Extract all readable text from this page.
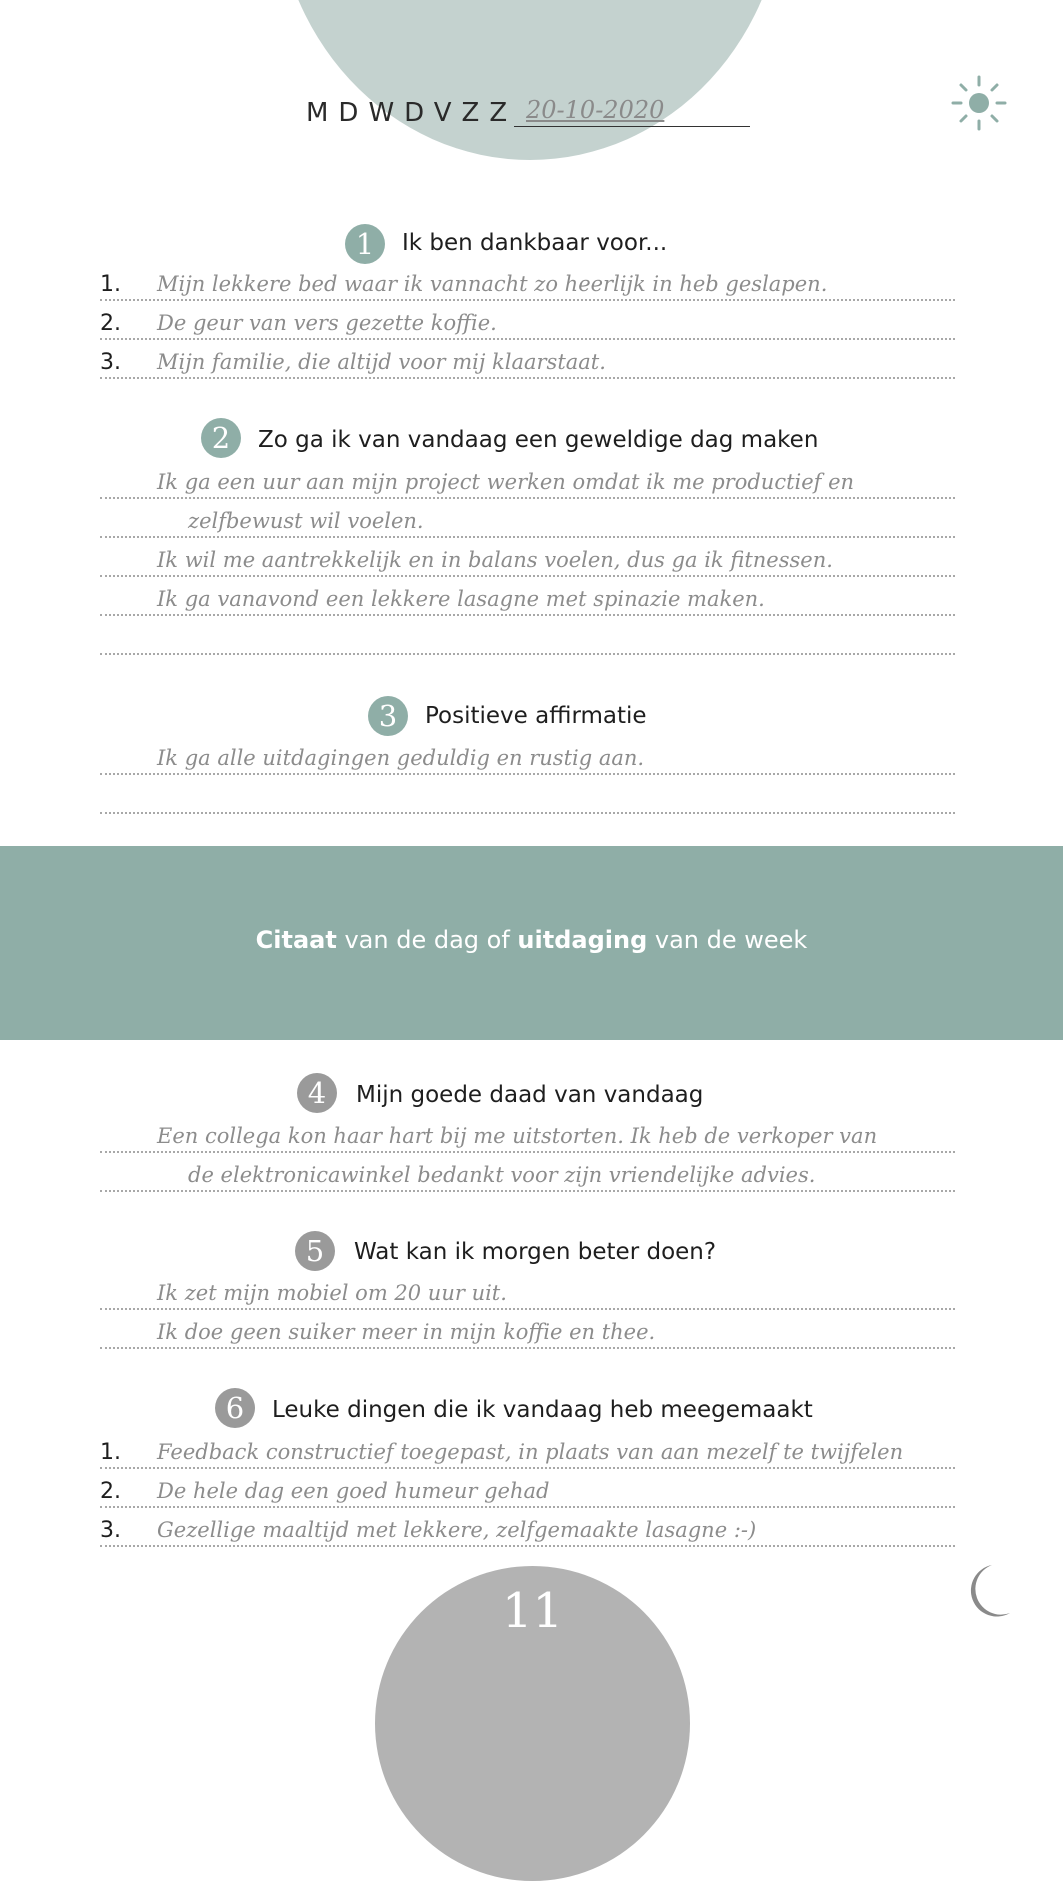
11
MDWDVZZ 20-10-2020
1	Ik ben dankbaar voor...
1. Mijn lekkere bed waar ik vannacht zo heerlijk in heb geslapen.
2. De geur van vers gezette koffie.
3. Mijn familie, die altijd voor mij klaarstaat.
2	Zo ga ik van vandaag een geweldige dag maken
Ik ga een uur aan mijn project werken omdat ik me productief en
zelfbewust wil voelen.
Ik wil me aantrekkelijk en in balans voelen, dus ga ik fitnessen.
Ik ga vanavond een lekkere lasagne met spinazie maken.
3	Positieve affirmatie
Ik ga alle uitdagingen geduldig en rustig aan.
Citaat van de dag of uitdaging van de week
4	Mijn goede daad van vandaag
Een collega kon haar hart bij me uitstorten. Ik heb de verkoper van
de elektronicawinkel bedankt voor zijn vriendelijke advies.
5	Wat kan ik morgen beter doen?
Ik zet mijn mobiel om 20 uur uit.
Ik doe geen suiker meer in mijn koffie en thee.
6	Leuke dingen die ik vandaag heb meegemaakt
1. Feedback constructief toegepast, in plaats van aan mezelf te twijfelen
2. De hele dag een goed humeur gehad
3. Gezellige maaltijd met lekkere, zelfgemaakte lasagne :-)
